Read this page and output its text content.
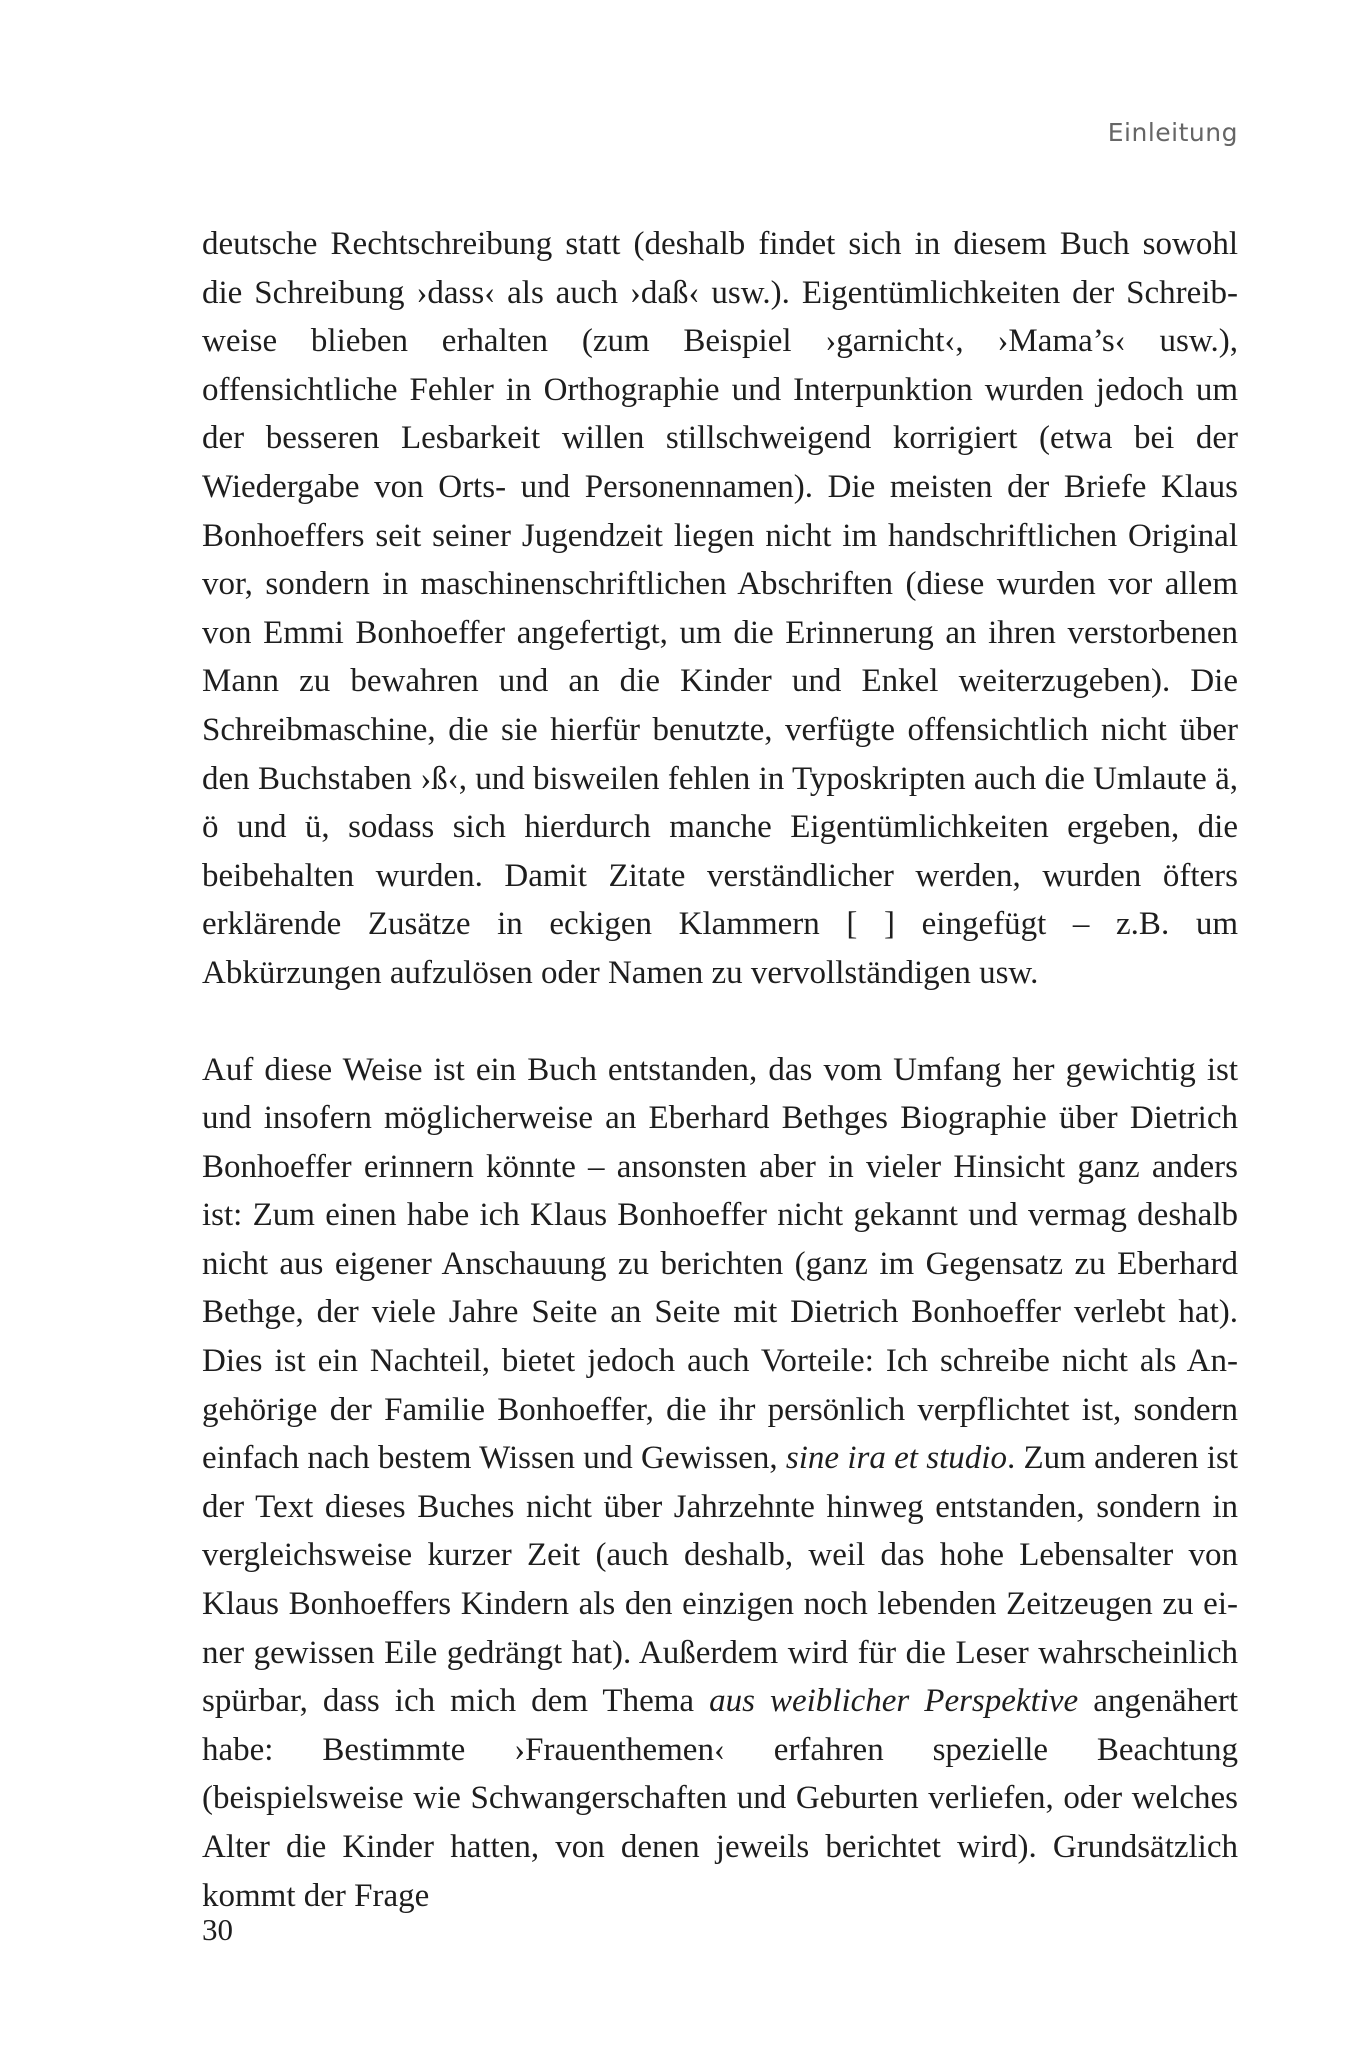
Einleitung

deutsche Rechtschreibung statt (deshalb findet sich in diesem Buch sowohl die Schreibung ›dass‹ als auch ›daß‹ usw.). Eigentümlichkeiten der Schreibweise blieben erhalten (zum Beispiel ›garnicht‹, ›Mama’s‹ usw.), offensichtliche Fehler in Orthographie und Interpunktion wurden jedoch um der besseren Lesbarkeit willen stillschweigend korrigiert (etwa bei der Wiedergabe von Orts- und Personennamen). Die meisten der Briefe Klaus Bonhoeffers seit seiner Jugendzeit liegen nicht im handschriftlichen Original vor, sondern in maschinenschriftlichen Abschriften (diese wurden vor allem von Emmi Bonhoeffer angefertigt, um die Erinnerung an ihren verstorbenen Mann zu bewahren und an die Kinder und Enkel weiterzugeben). Die Schreibmaschine, die sie hierfür benutzte, verfügte offensichtlich nicht über den Buchstaben ›ß‹, und bisweilen fehlen in Typoskripten auch die Umlaute ä, ö und ü, sodass sich hierdurch manche Eigentümlichkeiten ergeben, die beibehalten wurden. Damit Zitate verständlicher werden, wurden öfters erklärende Zusätze in eckigen Klammern [ ] eingefügt – z.B. um Abkürzungen aufzulösen oder Namen zu vervollständigen usw.

Auf diese Weise ist ein Buch entstanden, das vom Umfang her gewichtig ist und insofern möglicherweise an Eberhard Bethges Biographie über Dietrich Bonhoeffer erinnern könnte – ansonsten aber in vieler Hinsicht ganz anders ist: Zum einen habe ich Klaus Bonhoeffer nicht gekannt und vermag deshalb nicht aus eigener Anschauung zu berichten (ganz im Gegensatz zu Eberhard Bethge, der viele Jahre Seite an Seite mit Dietrich Bonhoeffer verlebt hat). Dies ist ein Nachteil, bietet jedoch auch Vorteile: Ich schreibe nicht als Angehörige der Familie Bonhoeffer, die ihr persönlich verpflichtet ist, sondern einfach nach bestem Wissen und Gewissen, sine ira et studio. Zum anderen ist der Text dieses Buches nicht über Jahrzehnte hinweg entstanden, sondern in vergleichsweise kurzer Zeit (auch deshalb, weil das hohe Lebensalter von Klaus Bonhoeffers Kindern als den einzigen noch lebenden Zeitzeugen zu einer gewissen Eile gedrängt hat). Außerdem wird für die Leser wahrscheinlich spürbar, dass ich mich dem Thema aus weiblicher Perspektive angenähert habe: Bestimmte ›Frauenthemen‹ erfahren spezielle Beachtung (beispielsweise wie Schwangerschaften und Geburten verliefen, oder welches Alter die Kinder hatten, von denen jeweils berichtet wird). Grundsätzlich kommt der Frage

30
